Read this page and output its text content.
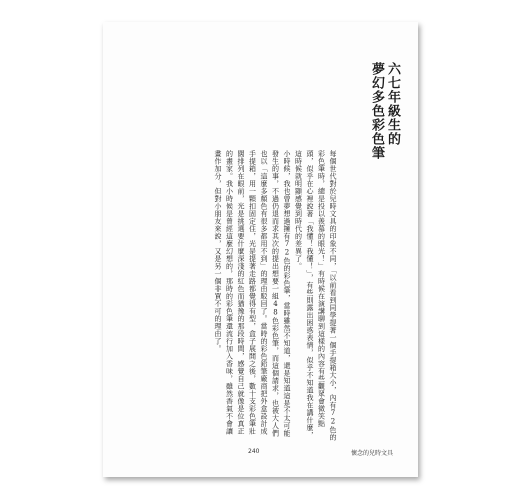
六七年級生的
夢幻多色彩色筆
每個世代對於兒時文具的印象不同，「以前看到同學提著一個手提箱大小，內有72色的彩色筆時，總是投以羨慕的眼光！」有時候在演講聊到這樣的內容有些觀眾會微笑點頭，似乎在心裡說著「我懂！我懂！」，有些則露出困惑表情，似乎不知道我在講什麼，這時候就明顯感覺到時代的差異了。
小時候，我也曾夢想過擁有72色的彩色筆，當時雖然不知道，還是知道這是不太可能發生的事，不過仍退而求其次的提出想要一組48色彩色筆，而這個請求，也被大人們也以「這麼多顏色有很多都用不到」的理由駁回了。當時的彩色鉛筆廠商把外盒設計成手提箱，用一顆扣固定住，光是提著走路都覺得有型，盒子展開之後，數十支彩色筆壯闊排列在眼前，光是挑選要什麼深淺的紅色而猶豫的那段時間，感覺自己就像是位真正的畫家。我小時候是曾經這麼幻想的，那時的彩色筆還流行加入香味，雖然香氣不會讓畫作加分，但對小朋友來說，又是另一個非買不可的理由了。
240	懷念的兒時文具
